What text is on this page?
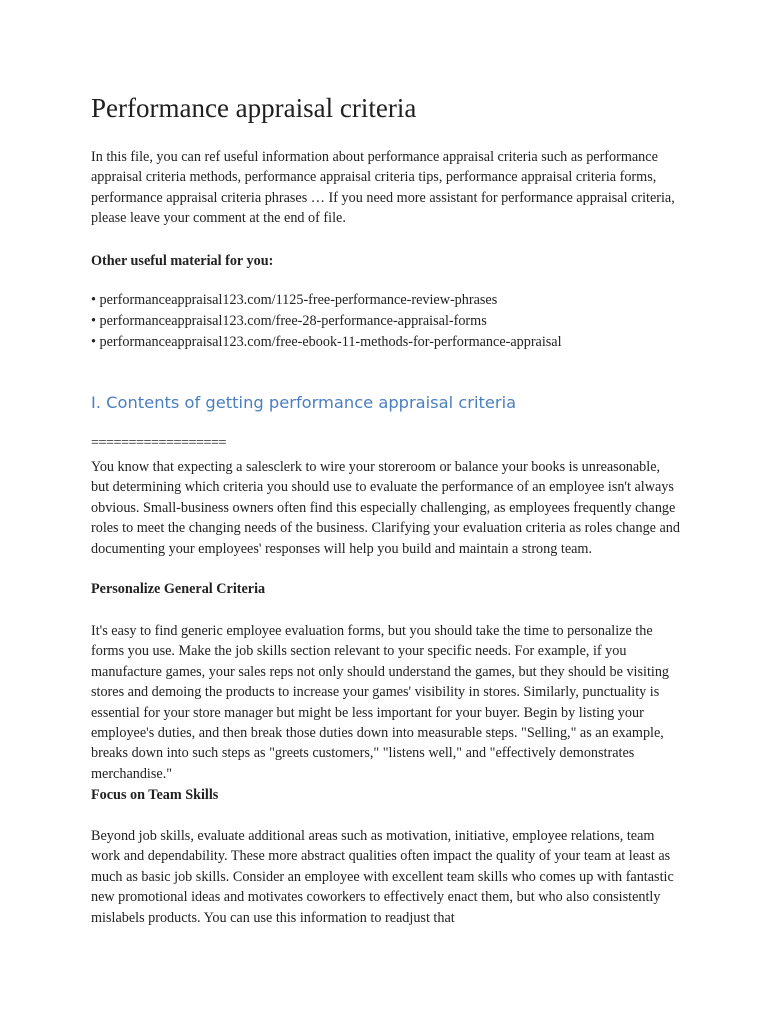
Performance appraisal criteria

In this file, you can ref useful information about performance appraisal criteria such as performance appraisal criteria methods, performance appraisal criteria tips, performance appraisal criteria forms, performance appraisal criteria phrases … If you need more assistant for performance appraisal criteria, please leave your comment at the end of file.

Other useful material for you:

• performanceappraisal123.com/1125-free-performance-review-phrases
• performanceappraisal123.com/free-28-performance-appraisal-forms
• performanceappraisal123.com/free-ebook-11-methods-for-performance-appraisal
I. Contents of getting performance appraisal criteria

==================

You know that expecting a salesclerk to wire your storeroom or balance your books is unreasonable, but determining which criteria you should use to evaluate the performance of an employee isn't always obvious. Small-business owners often find this especially challenging, as employees frequently change roles to meet the changing needs of the business. Clarifying your evaluation criteria as roles change and documenting your employees' responses will help you build and maintain a strong team.

Personalize General Criteria

It's easy to find generic employee evaluation forms, but you should take the time to personalize the forms you use. Make the job skills section relevant to your specific needs. For example, if you manufacture games, your sales reps not only should understand the games, but they should be visiting stores and demoing the products to increase your games' visibility in stores. Similarly, punctuality is essential for your store manager but might be less important for your buyer. Begin by listing your employee's duties, and then break those duties down into measurable steps. "Selling," as an example, breaks down into such steps as "greets customers," "listens well," and "effectively demonstrates merchandise."

Focus on Team Skills

Beyond job skills, evaluate additional areas such as motivation, initiative, employee relations, team work and dependability. These more abstract qualities often impact the quality of your team at least as much as basic job skills. Consider an employee with excellent team skills who comes up with fantastic new promotional ideas and motivates coworkers to effectively enact them, but who also consistently mislabels products. You can use this information to readjust that
